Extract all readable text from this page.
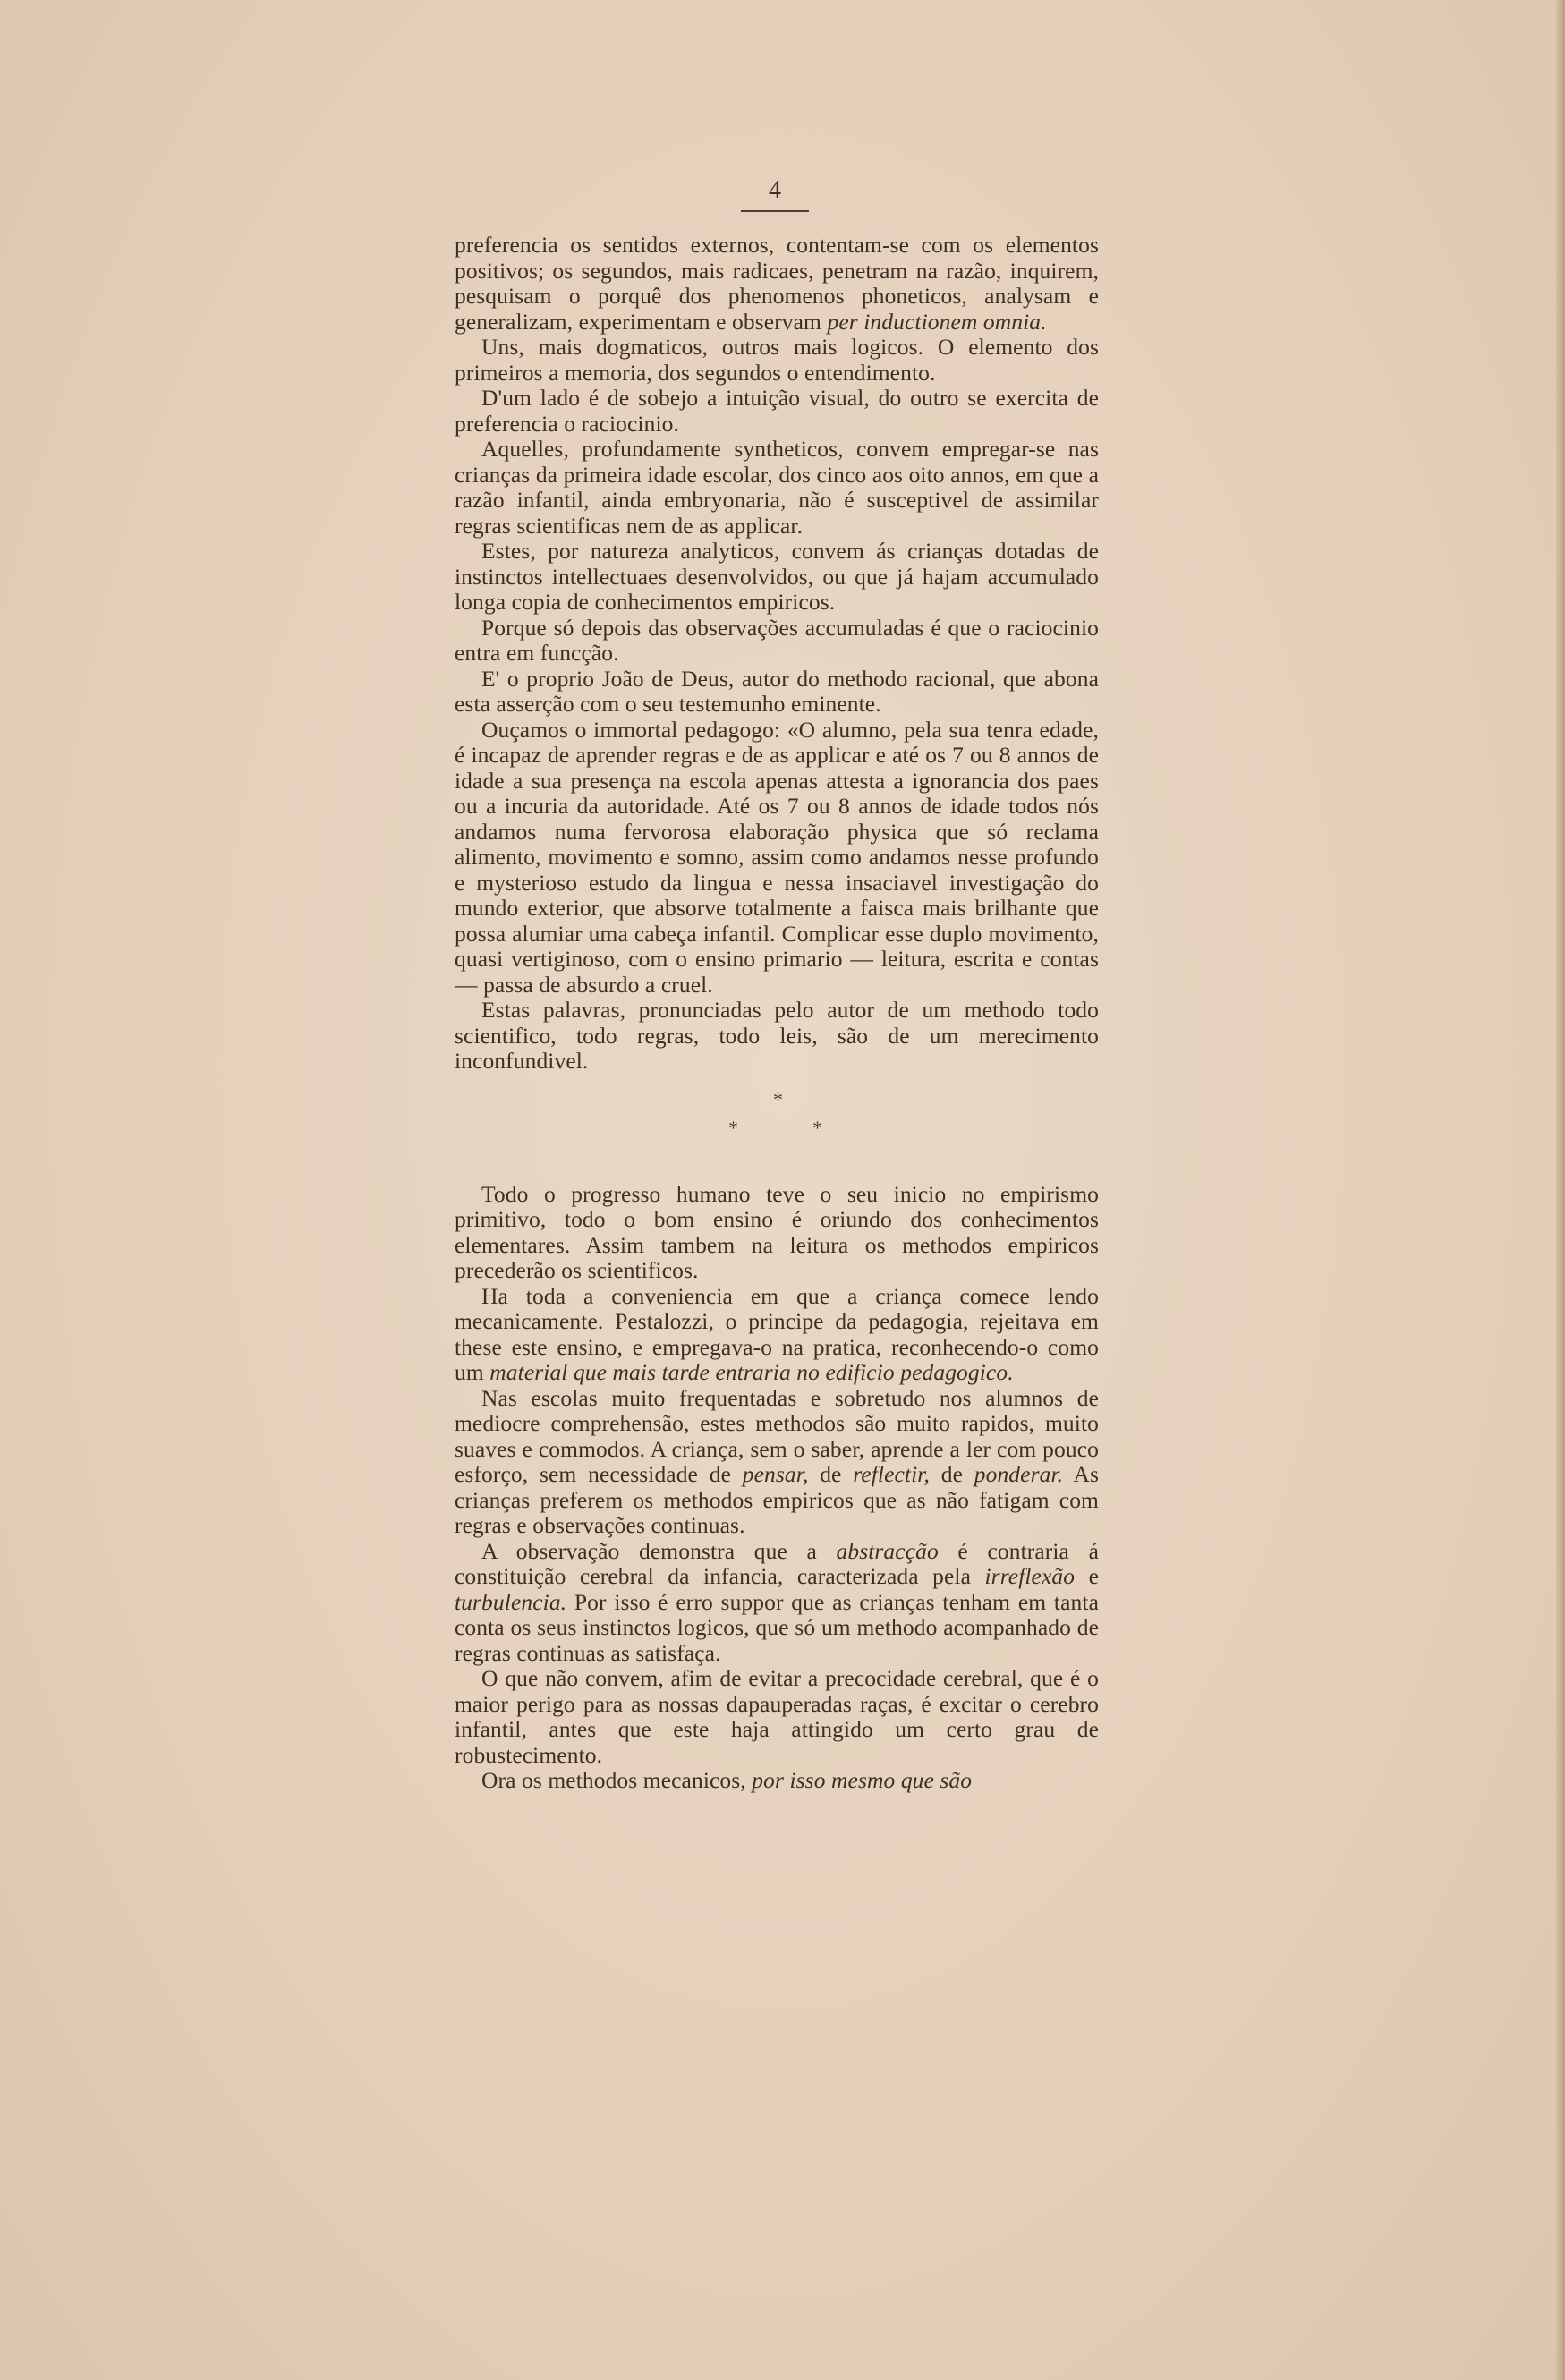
4

preferencia os sentidos externos, contentam-se com os elementos positivos; os segundos, mais radicaes, penetram na razão, inquirem, pesquisam o porquê dos phenomenos phoneticos, analysam e generalizam, experimentam e observam per inductionem omnia.

Uns, mais dogmaticos, outros mais logicos. O elemento dos primeiros a memoria, dos segundos o entendimento.

D'um lado é de sobejo a intuição visual, do outro se exercita de preferencia o raciocinio.

Aquelles, profundamente syntheticos, convem empregar-se nas crianças da primeira idade escolar, dos cinco aos oito annos, em que a razão infantil, ainda embryonaria, não é susceptivel de assimilar regras scientificas nem de as applicar.

Estes, por natureza analyticos, convem ás crianças dotadas de instinctos intellectuaes desenvolvidos, ou que já hajam accumulado longa copia de conhecimentos empiricos.

Porque só depois das observações accumuladas é que o raciocinio entra em funcção.

E' o proprio João de Deus, autor do methodo racional, que abona esta asserção com o seu testemunho eminente.

Ouçamos o immortal pedagogo: «O alumno, pela sua tenra edade, é incapaz de aprender regras e de as applicar e até os 7 ou 8 annos de idade a sua presença na escola apenas attesta a ignorancia dos paes ou a incuria da autoridade. Até os 7 ou 8 annos de idade todos nós andamos numa fervorosa elaboração physica que só reclama alimento, movimento e somno, assim como andamos nesse profundo e mysterioso estudo da lingua e nessa insaciavel investigação do mundo exterior, que absorve totalmente a faisca mais brilhante que possa alumiar uma cabeça infantil. Complicar esse duplo movimento, quasi vertiginoso, com o ensino primario — leitura, escrita e contas — passa de absurdo a cruel.

Estas palavras, pronunciadas pelo autor de um methodo todo scientifico, todo regras, todo leis, são de um merecimento inconfundivel.

*
*	*

Todo o progresso humano teve o seu inicio no empirismo primitivo, todo o bom ensino é oriundo dos conhecimentos elementares. Assim tambem na leitura os methodos empiricos precederão os scientificos.

Ha toda a conveniencia em que a criança comece lendo mecanicamente. Pestalozzi, o principe da pedagogia, rejeitava em these este ensino, e empregava-o na pratica, reconhecendo-o como um material que mais tarde entraria no edificio pedagogico.

Nas escolas muito frequentadas e sobretudo nos alumnos de mediocre comprehensão, estes methodos são muito rapidos, muito suaves e commodos. A criança, sem o saber, aprende a ler com pouco esforço, sem necessidade de pensar, de reflectir, de ponderar. As crianças preferem os methodos empiricos que as não fatigam com regras e observações continuas.

A observação demonstra que a abstracção é contraria á constituição cerebral da infancia, caracterizada pela irreflexão e turbulencia. Por isso é erro suppor que as crianças tenham em tanta conta os seus instinctos logicos, que só um methodo acompanhado de regras continuas as satisfaça.

O que não convem, afim de evitar a precocidade cerebral, que é o maior perigo para as nossas dapauperadas raças, é excitar o cerebro infantil, antes que este haja attingido um certo grau de robustecimento.

Ora os methodos mecanicos, por isso mesmo que são
